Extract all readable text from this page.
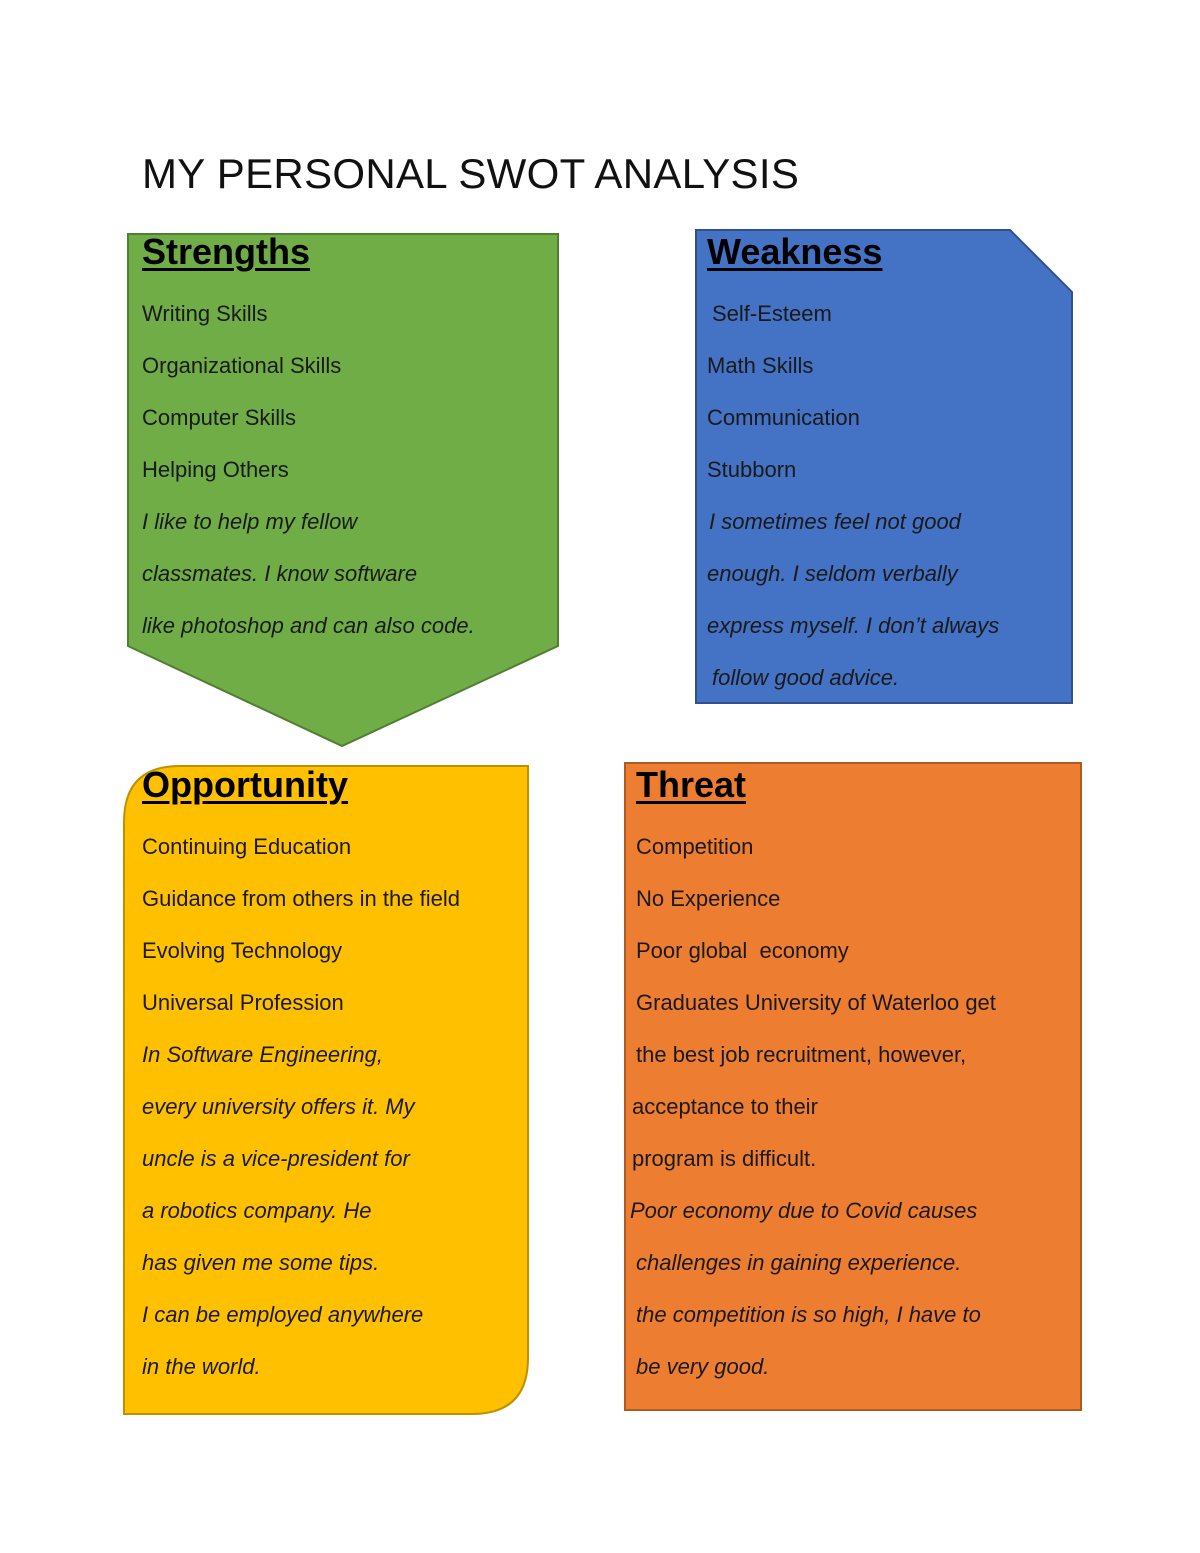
MY PERSONAL SWOT ANALYSIS
Strengths
Writing Skills
Organizational Skills
Computer Skills
Helping Others
I like to help my fellow
classmates. I know software
like photoshop and can also code.
Weakness
Self-Esteem
Math Skills
Communication
Stubborn
I sometimes feel not good
enough. I seldom verbally
express myself. I don’t always
follow good advice.
Opportunity
Continuing Education
Guidance from others in the field
Evolving Technology
Universal Profession
In Software Engineering,
every university offers it. My
uncle is a vice-president for
a robotics company. He
has given me some tips.
I can be employed anywhere
in the world.
Threat
Competition
No Experience
Poor global  economy
Graduates University of Waterloo get
the best job recruitment, however,
acceptance to their
program is difficult.
Poor economy due to Covid causes
challenges in gaining experience.
the competition is so high, I have to
be very good.
